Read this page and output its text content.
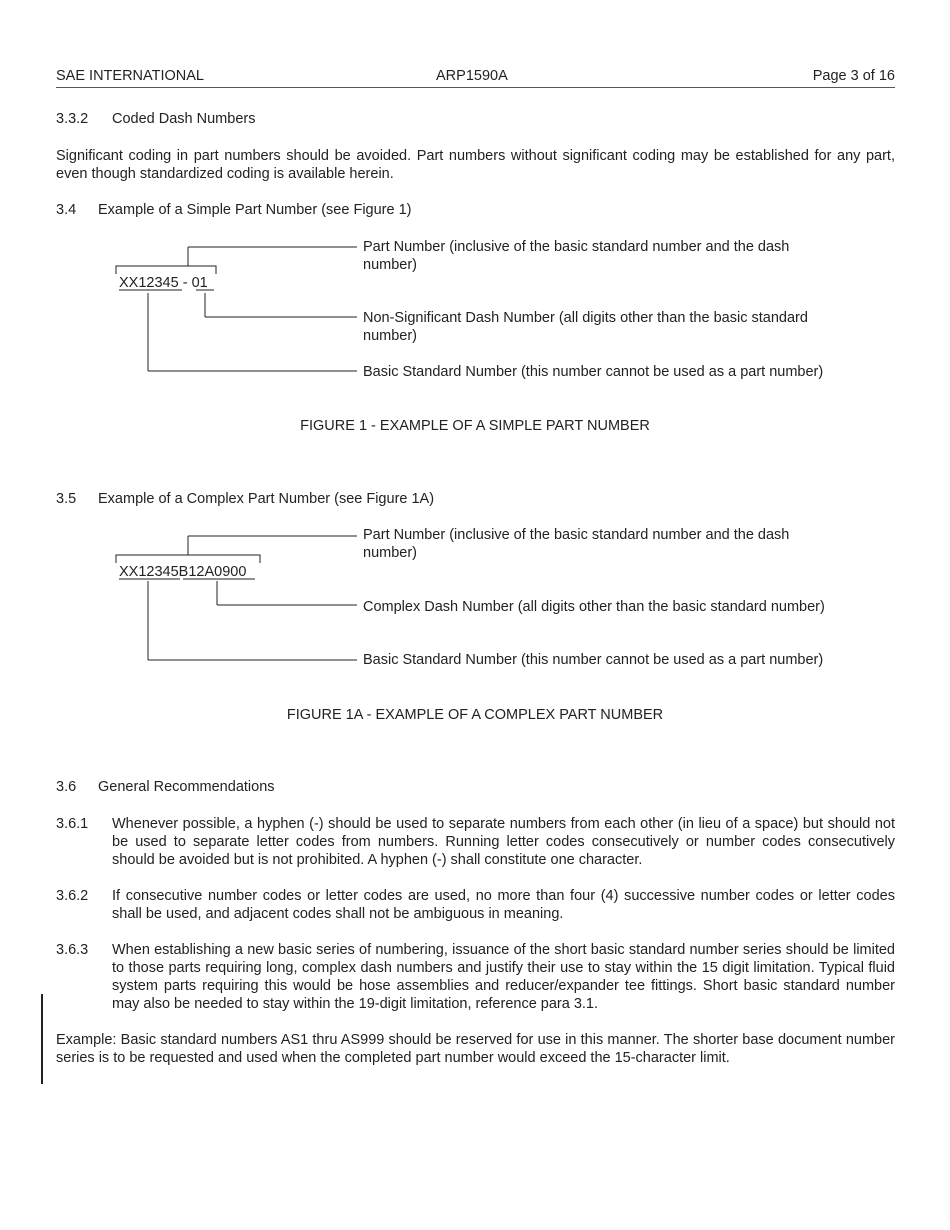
SAE INTERNATIONAL	ARP1590A	Page 3 of 16
3.3.2 Coded Dash Numbers
Significant coding in part numbers should be avoided. Part numbers without significant coding may be established for any part, even though standardized coding is available herein.
3.4 Example of a Simple Part Number (see Figure 1)
XX12345 - 01
Part Number (inclusive of the basic standard number and the dash number)
Non-Significant Dash Number (all digits other than the basic standard number)
Basic Standard Number (this number cannot be used as a part number)
FIGURE 1 - EXAMPLE OF A SIMPLE PART NUMBER
3.5 Example of a Complex Part Number (see Figure 1A)
XX12345B12A0900
Part Number (inclusive of the basic standard number and the dash number)
Complex Dash Number (all digits other than the basic standard number)
Basic Standard Number (this number cannot be used as a part number)
FIGURE 1A - EXAMPLE OF A COMPLEX PART NUMBER
3.6 General Recommendations
3.6.1 Whenever possible, a hyphen (-) should be used to separate numbers from each other (in lieu of a space) but should not be used to separate letter codes from numbers. Running letter codes consecutively or number codes consecutively should be avoided but is not prohibited. A hyphen (-) shall constitute one character.
3.6.2 If consecutive number codes or letter codes are used, no more than four (4) successive number codes or letter codes shall be used, and adjacent codes shall not be ambiguous in meaning.
3.6.3 When establishing a new basic series of numbering, issuance of the short basic standard number series should be limited to those parts requiring long, complex dash numbers and justify their use to stay within the 15 digit limitation. Typical fluid system parts requiring this would be hose assemblies and reducer/expander tee fittings. Short basic standard number may also be needed to stay within the 19-digit limitation, reference para 3.1.
Example: Basic standard numbers AS1 thru AS999 should be reserved for use in this manner. The shorter base document number series is to be requested and used when the completed part number would exceed the 15-character limit.
